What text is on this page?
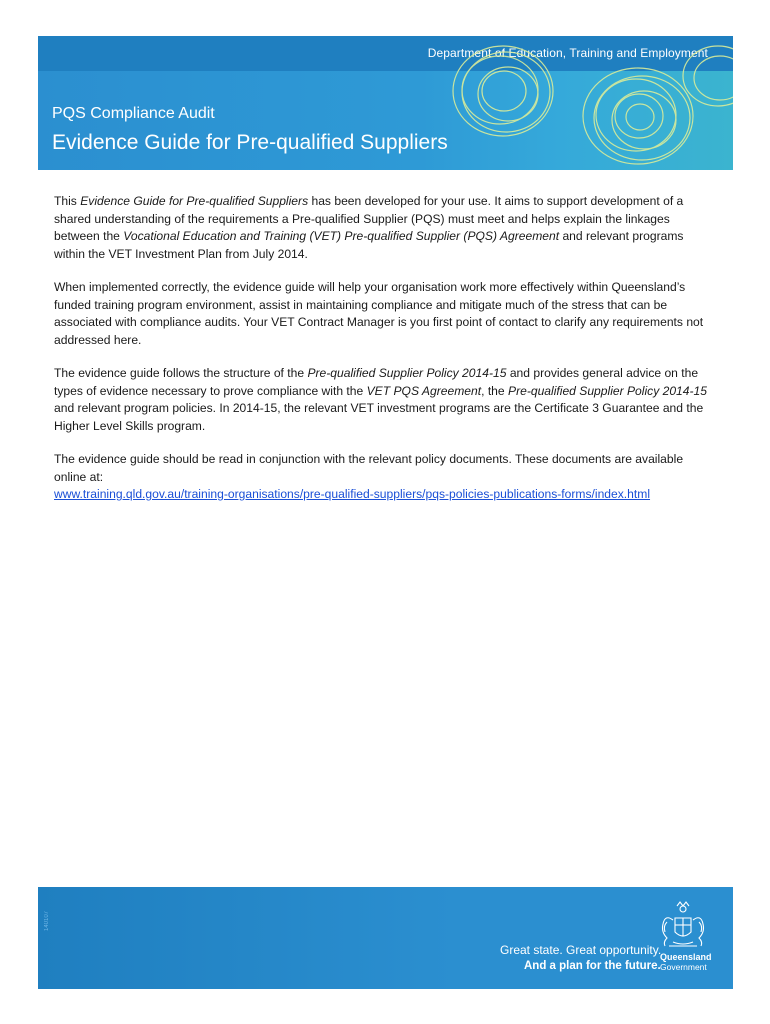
Department of Education, Training and Employment
PQS Compliance Audit
Evidence Guide for Pre-qualified Suppliers

This Evidence Guide for Pre-qualified Suppliers has been developed for your use. It aims to support development of a shared understanding of the requirements a Pre-qualified Supplier (PQS) must meet and helps explain the linkages between the Vocational Education and Training (VET) Pre-qualified Supplier (PQS) Agreement and relevant programs within the VET Investment Plan from July 2014.

When implemented correctly, the evidence guide will help your organisation work more effectively within Queensland’s funded training program environment, assist in maintaining compliance and mitigate much of the stress that can be associated with compliance audits. Your VET Contract Manager is you first point of contact to clarify any requirements not addressed here.

The evidence guide follows the structure of the Pre-qualified Supplier Policy 2014-15 and provides general advice on the types of evidence necessary to prove compliance with the VET PQS Agreement, the Pre-qualified Supplier Policy 2014-15 and relevant program policies. In 2014-15, the relevant VET investment programs are the Certificate 3 Guarantee and the Higher Level Skills program.

The evidence guide should be read in conjunction with the relevant policy documents. These documents are available online at:
www.training.qld.gov.au/training-organisations/pre-qualified-suppliers/pqs-policies-publications-forms/index.html

140107
Great state. Great opportunity.
And a plan for the future.
Queensland
Government
